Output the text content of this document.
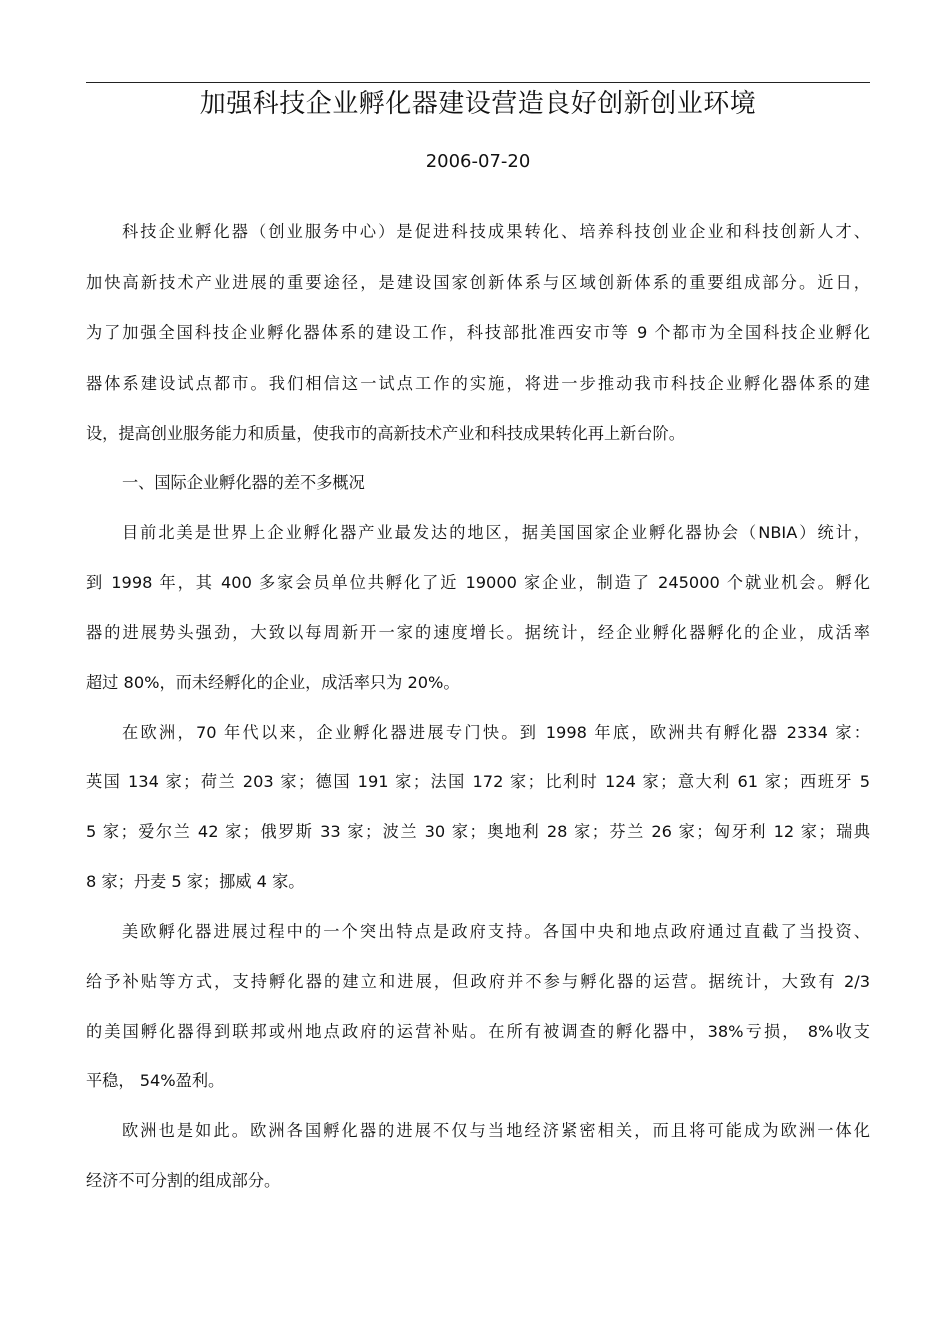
加强科技企业孵化器建设营造良好创新创业环境
2006-07-20
科技企业孵化器（创业服务中心）是促进科技成果转化、培养科技创业企业和科技创新人才、
加快高新技术产业进展的重要途径，是建设国家创新体系与区域创新体系的重要组成部分。近日，
为了加强全国科技企业孵化器体系的建设工作，科技部批准西安市等 9 个都市为全国科技企业孵化
器体系建设试点都市。我们相信这一试点工作的实施，将进一步推动我市科技企业孵化器体系的建
设，提高创业服务能力和质量，使我市的高新技术产业和科技成果转化再上新台阶。
一、国际企业孵化器的差不多概况
目前北美是世界上企业孵化器产业最发达的地区，据美国国家企业孵化器协会（NBIA）统计，
到 1998 年，其 400 多家会员单位共孵化了近 19000 家企业，制造了 245000 个就业机会。孵化
器的进展势头强劲，大致以每周新开一家的速度增长。据统计，经企业孵化器孵化的企业，成活率
超过 80%，而未经孵化的企业，成活率只为 20%。
在欧洲，70 年代以来，企业孵化器进展专门快。到 1998 年底，欧洲共有孵化器 2334 家：
英国 134 家；荷兰 203 家；德国 191 家；法国 172 家；比利时 124 家；意大利 61 家；西班牙 5
5 家；爱尔兰 42 家；俄罗斯 33 家；波兰 30 家；奥地利 28 家；芬兰 26 家；匈牙利 12 家；瑞典
8 家；丹麦 5 家；挪威 4 家。
美欧孵化器进展过程中的一个突出特点是政府支持。各国中央和地点政府通过直截了当投资、
给予补贴等方式，支持孵化器的建立和进展，但政府并不参与孵化器的运营。据统计，大致有 2/3
的美国孵化器得到联邦或州地点政府的运营补贴。在所有被调查的孵化器中，38%亏损， 8%收支
平稳， 54%盈利。
欧洲也是如此。欧洲各国孵化器的进展不仅与当地经济紧密相关，而且将可能成为欧洲一体化
经济不可分割的组成部分。
